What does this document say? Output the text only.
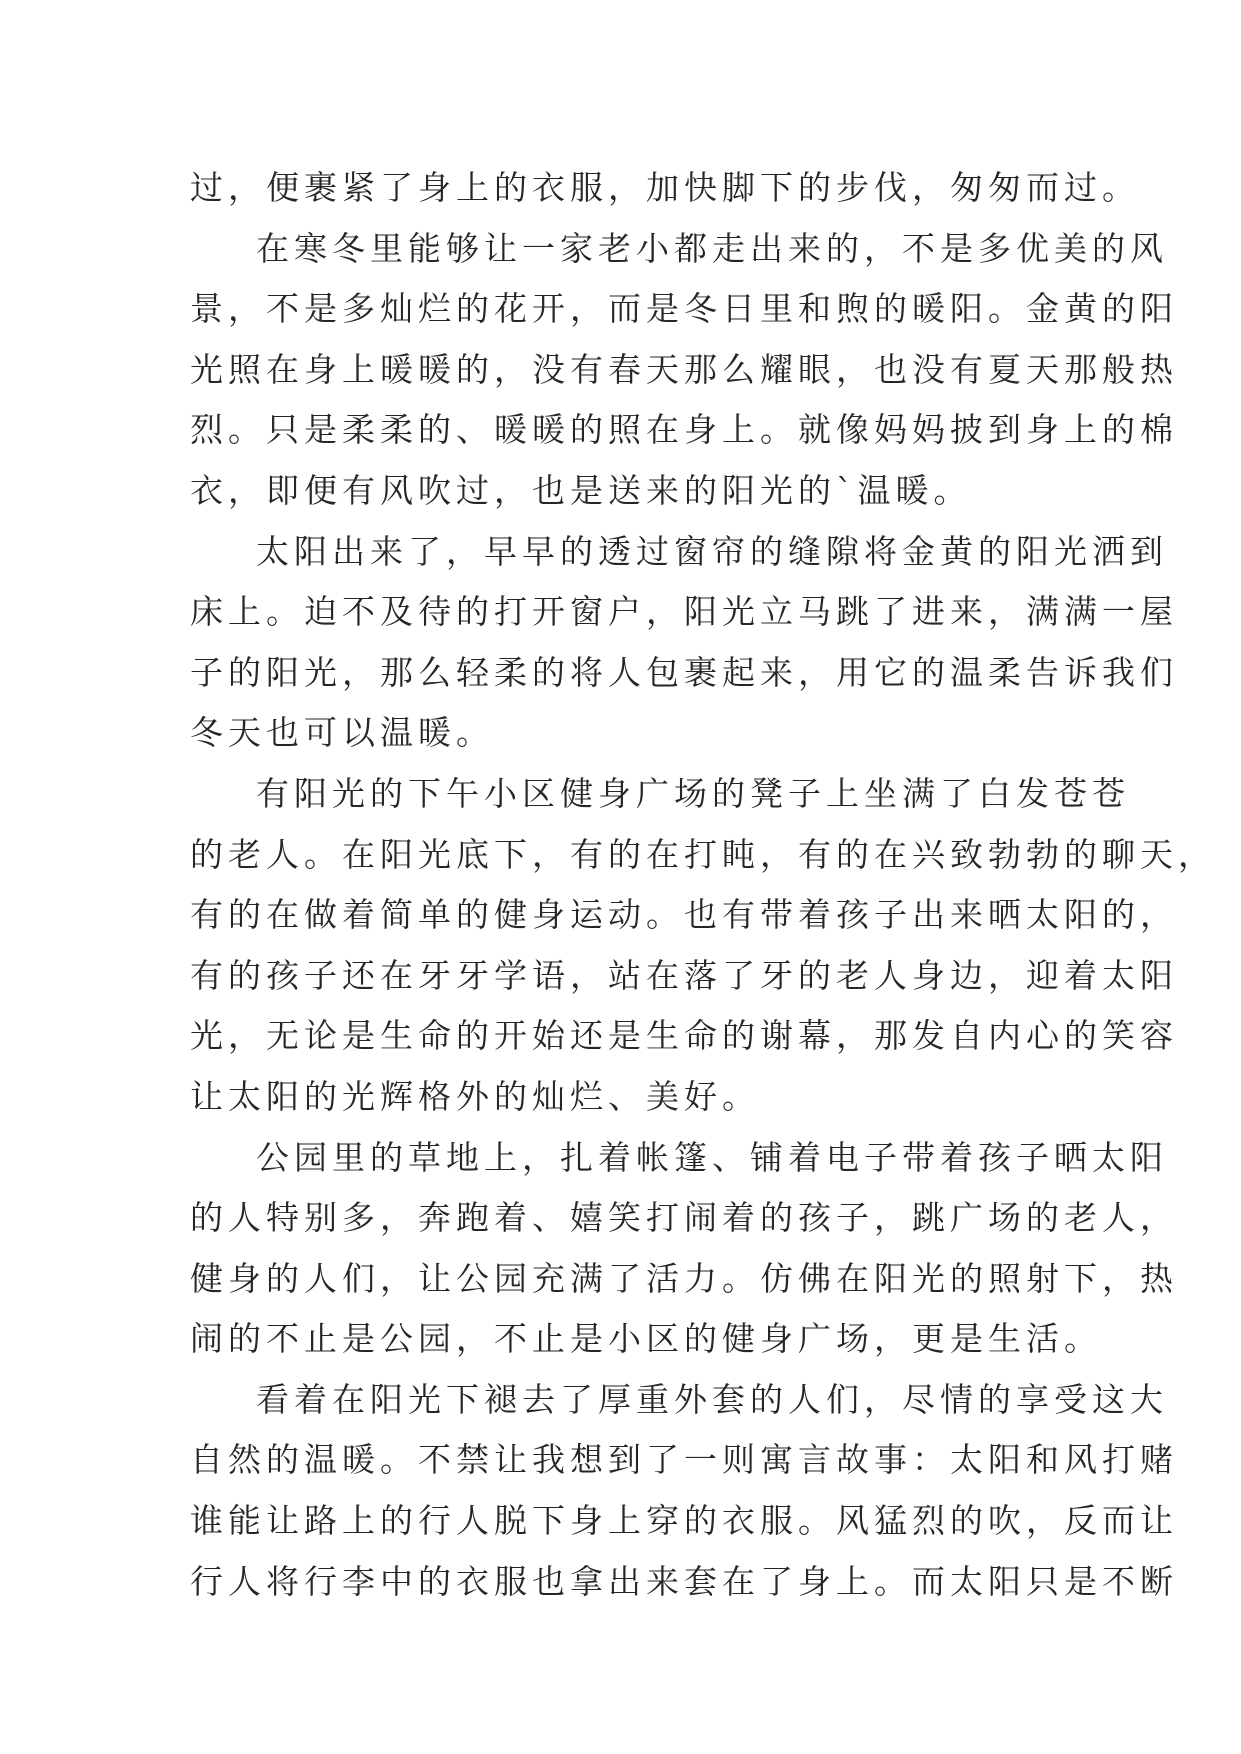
过，便裹紧了身上的衣服，加快脚下的步伐，匆匆而过。
在寒冬里能够让一家老小都走出来的，不是多优美的风
景，不是多灿烂的花开，而是冬日里和煦的暖阳。金黄的阳
光照在身上暖暖的，没有春天那么耀眼，也没有夏天那般热
烈。只是柔柔的、暖暖的照在身上。就像妈妈披到身上的棉
衣，即便有风吹过，也是送来的阳光的`温暖。
太阳出来了，早早的透过窗帘的缝隙将金黄的阳光洒到
床上。迫不及待的打开窗户，阳光立马跳了进来，满满一屋
子的阳光，那么轻柔的将人包裹起来，用它的温柔告诉我们
冬天也可以温暖。
有阳光的下午小区健身广场的凳子上坐满了白发苍苍
的老人。在阳光底下，有的在打盹，有的在兴致勃勃的聊天，
有的在做着简单的健身运动。也有带着孩子出来晒太阳的，
有的孩子还在牙牙学语，站在落了牙的老人身边，迎着太阳
光，无论是生命的开始还是生命的谢幕，那发自内心的笑容
让太阳的光辉格外的灿烂、美好。
公园里的草地上，扎着帐篷、铺着电子带着孩子晒太阳
的人特别多，奔跑着、嬉笑打闹着的孩子，跳广场的老人，
健身的人们，让公园充满了活力。仿佛在阳光的照射下，热
闹的不止是公园，不止是小区的健身广场，更是生活。
看着在阳光下褪去了厚重外套的人们，尽情的享受这大
自然的温暖。不禁让我想到了一则寓言故事：太阳和风打赌
谁能让路上的行人脱下身上穿的衣服。风猛烈的吹，反而让
行人将行李中的衣服也拿出来套在了身上。而太阳只是不断
